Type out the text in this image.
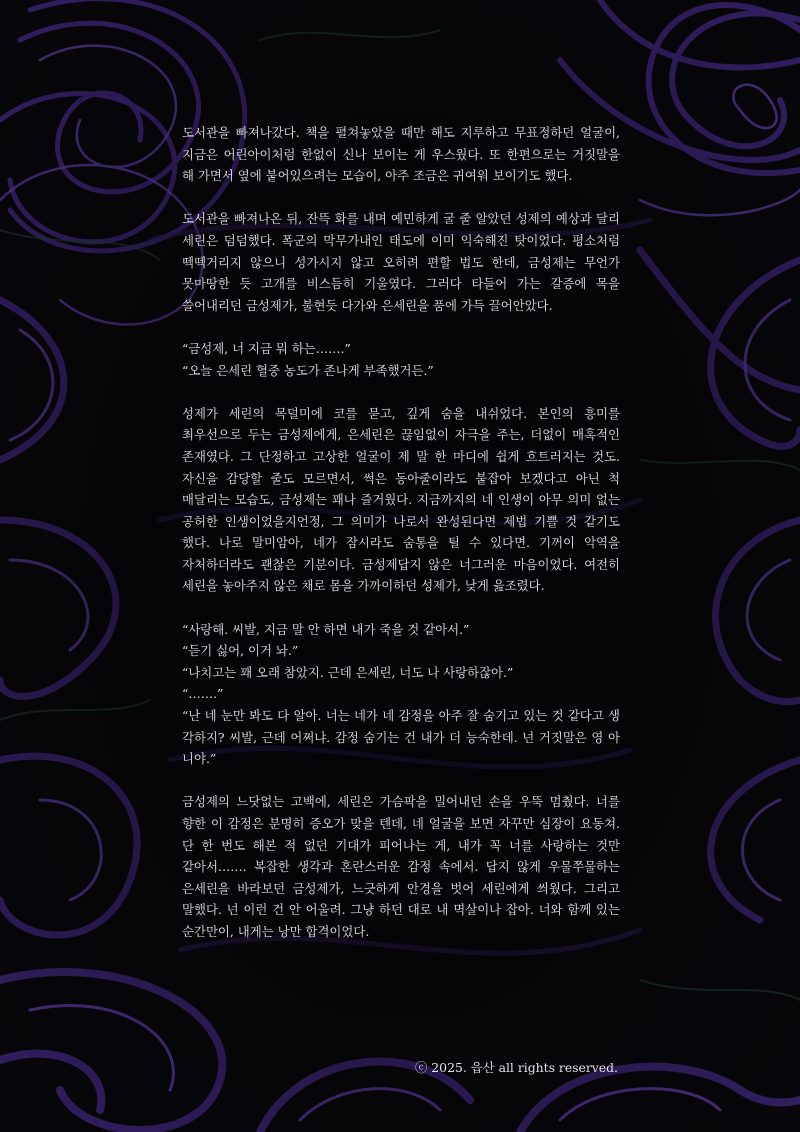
도서관을 빠져나갔다. 책을 펼쳐놓았을 때만 해도 지루하고 무표정하던 얼굴이, 지금은 어린아이처럼 한없이 신나 보이는 게 우스웠다. 또 한편으로는 거짓말을 해 가면서 옆에 붙어있으려는 모습이, 아주 조금은 귀여워 보이기도 했다.

도서관을 빠져나온 뒤, 잔뜩 화를 내며 예민하게 굴 줄 알았던 성제의 예상과 달리 세린은 덤덤했다. 폭군의 막무가내인 태도에 이미 익숙해진 탓이었다. 평소처럼 떽떽거리지 않으니 성가시지 않고 오히려 편할 법도 한데, 금성제는 무언가 못마땅한 듯 고개를 비스듬히 기울였다. 그러다 타들어 가는 갈증에 목을 쓸어내리던 금성제가, 불현듯 다가와 은세린을 품에 가득 끌어안았다.

“금성제, 너 지금 뭐 하는…….”
“오늘 은세린 혈중 농도가 존나게 부족했거든.”

성제가 세린의 목덜미에 코를 묻고, 깊게 숨을 내쉬었다. 본인의 흥미를 최우선으로 두는 금성제에게, 은세린은 끊임없이 자극을 주는, 더없이 매혹적인 존재였다. 그 단정하고 고상한 얼굴이 제 말 한 마디에 쉽게 흐트러지는 것도. 자신을 감당할 줄도 모르면서, 썩은 동아줄이라도 붙잡아 보겠다고 아닌 척 매달리는 모습도, 금성제는 꽤나 즐거웠다. 지금까지의 네 인생이 아무 의미 없는 공허한 인생이었을지언정, 그 의미가 나로서 완성된다면 제법 기쁠 것 같기도 했다. 나로 말미암아, 네가 잠시라도 숨통을 틸 수 있다면. 기꺼이 악역을 자처하더라도 괜찮은 기분이다. 금성제답지 않은 너그러운 마음이었다. 여전히 세린을 놓아주지 않은 채로 몸을 가까이하던 성제가, 낮게 읊조렸다.

“사랑해. 씨발, 지금 말 안 하면 내가 죽을 것 같아서.”
“듣기 싫어, 이거 놔.”
“나치고는 꽤 오래 참았지. 근데 은세린, 너도 나 사랑하잖아.”
“…….”
“난 네 눈만 봐도 다 알아. 너는 네가 네 감정을 아주 잘 숨기고 있는 것 같다고 생각하지? 씨발, 근데 어쩌냐. 감정 숨기는 건 내가 더 능숙한데. 넌 거짓말은 영 아니야.”

금성제의 느닷없는 고백에, 세린은 가슴팍을 밀어내던 손을 우뚝 멈췄다. 너를 향한 이 감정은 분명히 증오가 맞을 텐데, 네 얼굴을 보면 자꾸만 심장이 요동쳐. 단 한 번도 해본 적 없던 기대가 피어나는 게, 내가 꼭 너를 사랑하는 것만 같아서……. 복잡한 생각과 혼란스러운 감정 속에서. 답지 않게 우물쭈물하는 은세린을 바라보던 금성제가, 느긋하게 안경을 벗어 세린에게 씌웠다. 그리고 말했다. 넌 이런 건 안 어울려. 그냥 하던 대로 내 멱살이나 잡아. 너와 함께 있는 순간만이, 내게는 낭만 합격이었다.

ⓒ 2025. 읍산 all rights reserved.
